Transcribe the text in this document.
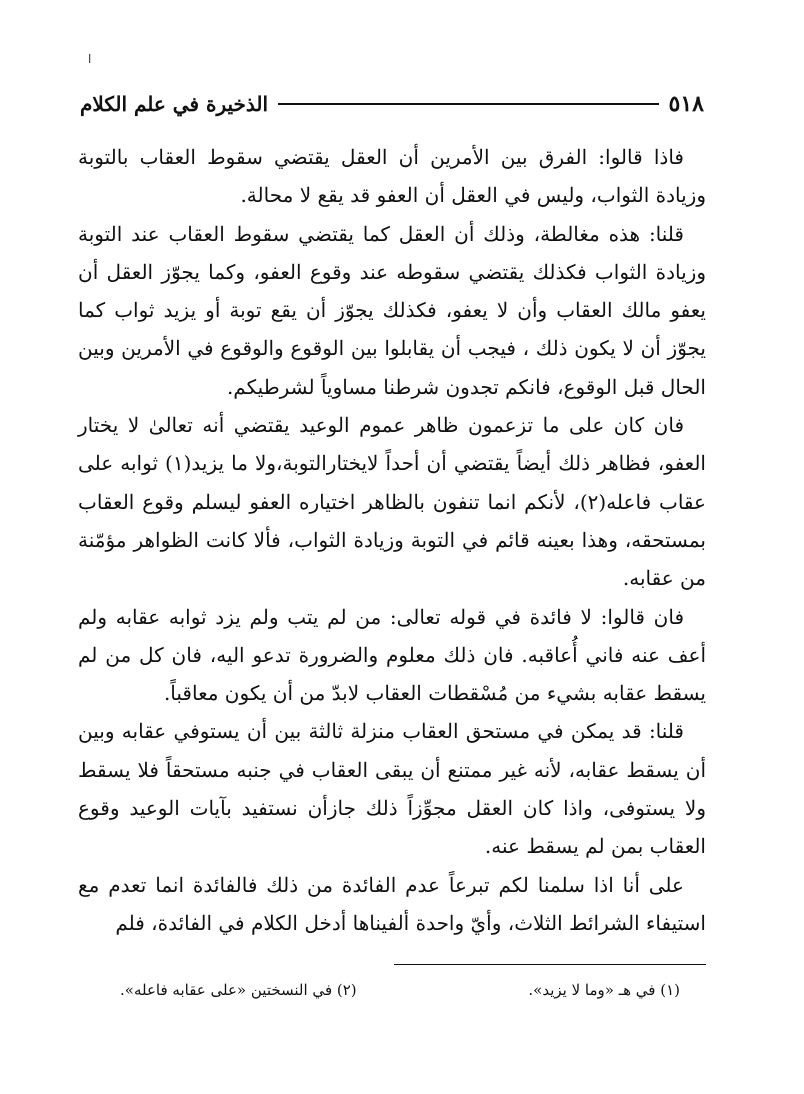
ا
٥١٨
الذخيرة في علم الكلام

فاذا قالوا: الفرق بين الأمرين أن العقل يقتضي سقوط العقاب بالتوبة وزيادة الثواب، وليس في العقل أن العفو قد يقع لا محالة.

قلنا: هذه مغالطة، وذلك أن العقل كما يقتضي سقوط العقاب عند التوبة وزيادة الثواب فكذلك يقتضي سقوطه عند وقوع العفو، وكما يجوّز العقل أن يعفو مالك العقاب وأن لا يعفو، فكذلك يجوّز أن يقع توبة أو يزيد ثواب كما يجوّز أن لا يكون ذلك ، فيجب أن يقابلوا بين الوقوع والوقوع في الأمرين وبين الحال قبل الوقوع، فانكم تجدون شرطنا مساوياً لشرطيكم.

فان كان على ما تزعمون ظاهر عموم الوعيد يقتضي أنه تعالىٰ لا يختار العفو، فظاهر ذلك أيضاً يقتضي أن أحداً لايختارالتوبة،ولا ما يزيد(١) ثوابه على عقاب فاعله(٢)، لأنكم انما تنفون بالظاهر اختياره العفو ليسلم وقوع العقاب بمستحقه، وهذا بعينه قائم في التوبة وزيادة الثواب، فألا كانت الظواهر مؤمّنة من عقابه.

فان قالوا: لا فائدة في قوله تعالى: من لم يتب ولم يزد ثوابه عقابه ولم أعف عنه فاني أُعاقبه. فان ذلك معلوم والضرورة تدعو اليه، فان كل من لم يسقط عقابه بشيء من مُسْقطات العقاب لابدّ من أن يكون معاقباً.

قلنا: قد يمكن في مستحق العقاب منزلة ثالثة بين أن يستوفي عقابه وبين أن يسقط عقابه، لأنه غير ممتنع أن يبقى العقاب في جنبه مستحقاً فلا يسقط ولا يستوفى، واذا كان العقل مجوِّزاً ذلك جازأن نستفيد بآيات الوعيد وقوع العقاب بمن لم يسقط عنه.

على أنا اذا سلمنا لكم تبرعاً عدم الفائدة من ذلك فالفائدة انما تعدم مع استيفاء الشرائط الثلاث، وأيّ واحدة ألفيناها أدخل الكلام في الفائدة، فلم

(١) في هـ «وما لا يزيد».
(٢) في النسختين «على عقابه فاعله».
